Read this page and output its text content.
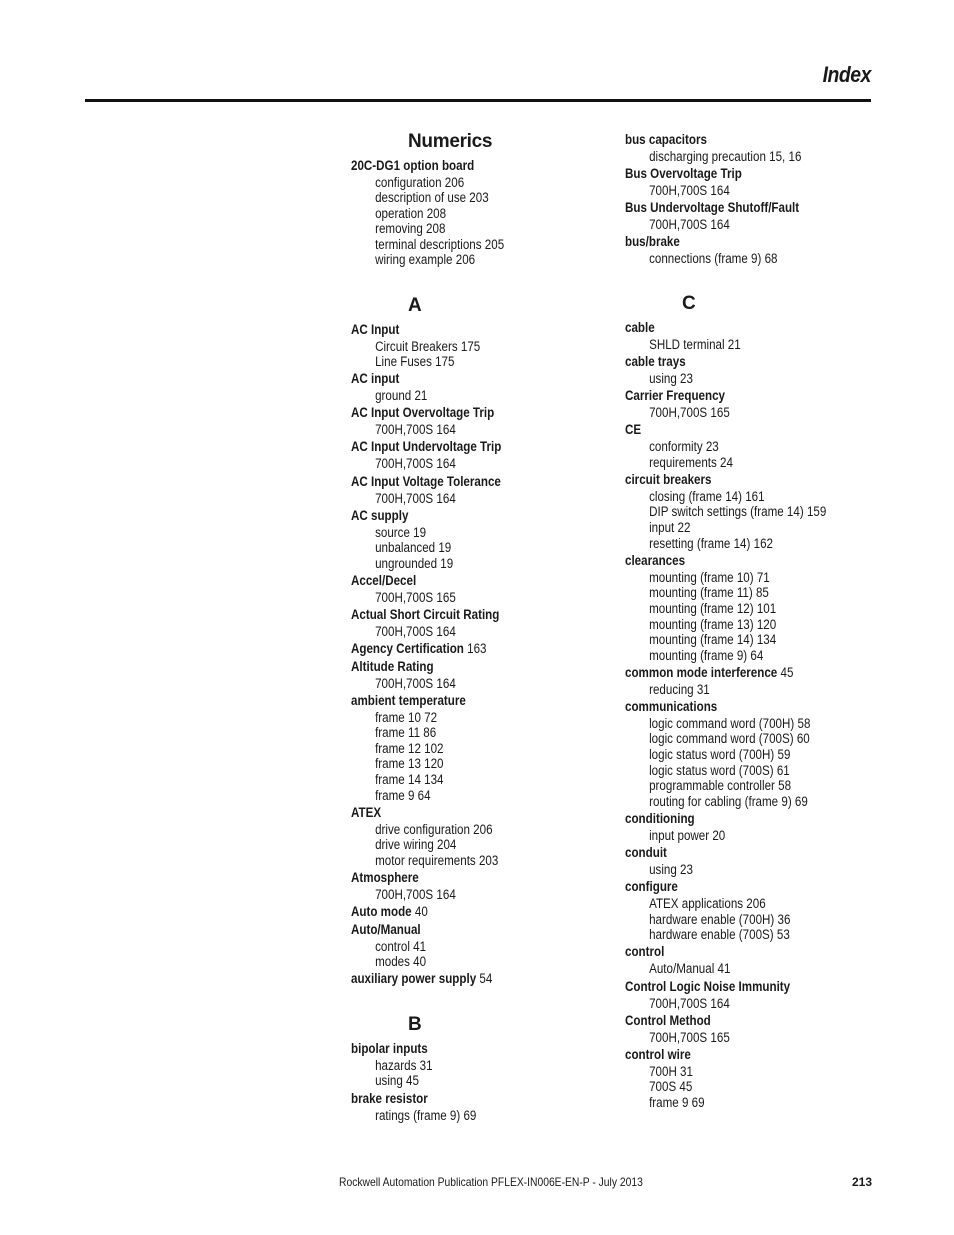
Index
Numerics
20C-DG1 option board
configuration 206
description of use 203
operation 208
removing 208
terminal descriptions 205
wiring example 206
A
AC Input
Circuit Breakers 175
Line Fuses 175
AC input
ground 21
AC Input Overvoltage Trip
700H,700S 164
AC Input Undervoltage Trip
700H,700S 164
AC Input Voltage Tolerance
700H,700S 164
AC supply
source 19
unbalanced 19
ungrounded 19
Accel/Decel
700H,700S 165
Actual Short Circuit Rating
700H,700S 164
Agency Certification 163
Altitude Rating
700H,700S 164
ambient temperature
frame 10 72
frame 11 86
frame 12 102
frame 13 120
frame 14 134
frame 9 64
ATEX
drive configuration 206
drive wiring 204
motor requirements 203
Atmosphere
700H,700S 164
Auto mode 40
Auto/Manual
control 41
modes 40
auxiliary power supply 54
B
bipolar inputs
hazards 31
using 45
brake resistor
ratings (frame 9) 69
bus capacitors
discharging precaution 15, 16
Bus Overvoltage Trip
700H,700S 164
Bus Undervoltage Shutoff/Fault
700H,700S 164
bus/brake
connections (frame 9) 68
C
cable
SHLD terminal 21
cable trays
using 23
Carrier Frequency
700H,700S 165
CE
conformity 23
requirements 24
circuit breakers
closing (frame 14) 161
DIP switch settings (frame 14) 159
input 22
resetting (frame 14) 162
clearances
mounting (frame 10) 71
mounting (frame 11) 85
mounting (frame 12) 101
mounting (frame 13) 120
mounting (frame 14) 134
mounting (frame 9) 64
common mode interference 45
reducing 31
communications
logic command word (700H) 58
logic command word (700S) 60
logic status word (700H) 59
logic status word (700S) 61
programmable controller 58
routing for cabling (frame 9) 69
conditioning
input power 20
conduit
using 23
configure
ATEX applications 206
hardware enable (700H) 36
hardware enable (700S) 53
control
Auto/Manual 41
Control Logic Noise Immunity
700H,700S 164
Control Method
700H,700S 165
control wire
700H 31
700S 45
frame 9 69
Rockwell Automation Publication PFLEX-IN006E-EN-P - July 2013	213
